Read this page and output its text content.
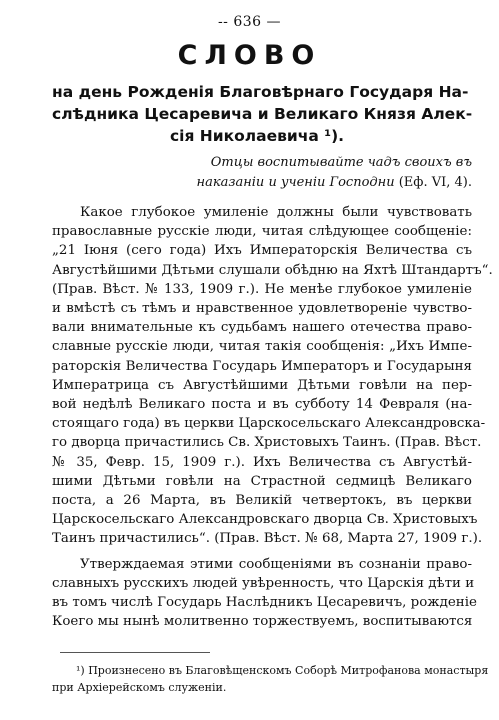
-- 636 —
СЛОВО
на день Рожденія Благовѣрнаго Государя На-
слѣдника Цесаревича и Великаго Князя Алек-
сія Николаевича ¹).
Отцы воспитывайте чадъ своихъ въ
наказаніи и ученіи Господни (Еф. VI, 4).
Какое глубокое умиленіе должны были чувствовать
православные русскіе люди, читая слѣдующее сообщеніе:
„21 Іюня (сего года) Ихъ Императорскія Величества съ
Августѣйшими Дѣтьми слушали обѣдню на Яхтѣ Штандартъ“.
(Прав. Вѣст. № 133, 1909 г.). Не менѣе глубокое умиленіе
и вмѣстѣ съ тѣмъ и нравственное удовлетвореніе чувство-
вали внимательные къ судьбамъ нашего отечества право-
славные русскіе люди, читая такія сообщенія: „Ихъ Импе-
раторскія Величества Государь Императоръ и Государыня
Императрица съ Августѣйшими Дѣтьми говѣли на пер-
вой недѣлѣ Великаго поста и въ субботу 14 Февраля (на-
стоящаго года) въ церкви Царскосельскаго Александровска-
го дворца причастились Св. Христовыхъ Таинъ. (Прав. Вѣст.
№ 35, Февр. 15, 1909 г.). Ихъ Величества съ Августѣй-
шими Дѣтьми говѣли на Страстной седмицѣ Великаго
поста, а 26 Марта, въ Великій четвертокъ, въ церкви
Царскосельскаго Александровскаго дворца Св. Христовыхъ
Таинъ причастились“. (Прав. Вѣст. № 68, Марта 27, 1909 г.).
Утверждаемая этими сообщеніями въ сознаніи право-
славныхъ русскихъ людей увѣренность, что Царскія дѣти и
въ томъ числѣ Государь Наслѣдникъ Цесаревичъ, рожденіе
Коего мы нынѣ молитвенно торжествуемъ, воспитываются
¹) Произнесено въ Благовѣщенскомъ Соборѣ Митрофанова монастыря
при Архіерейскомъ служеніи.
